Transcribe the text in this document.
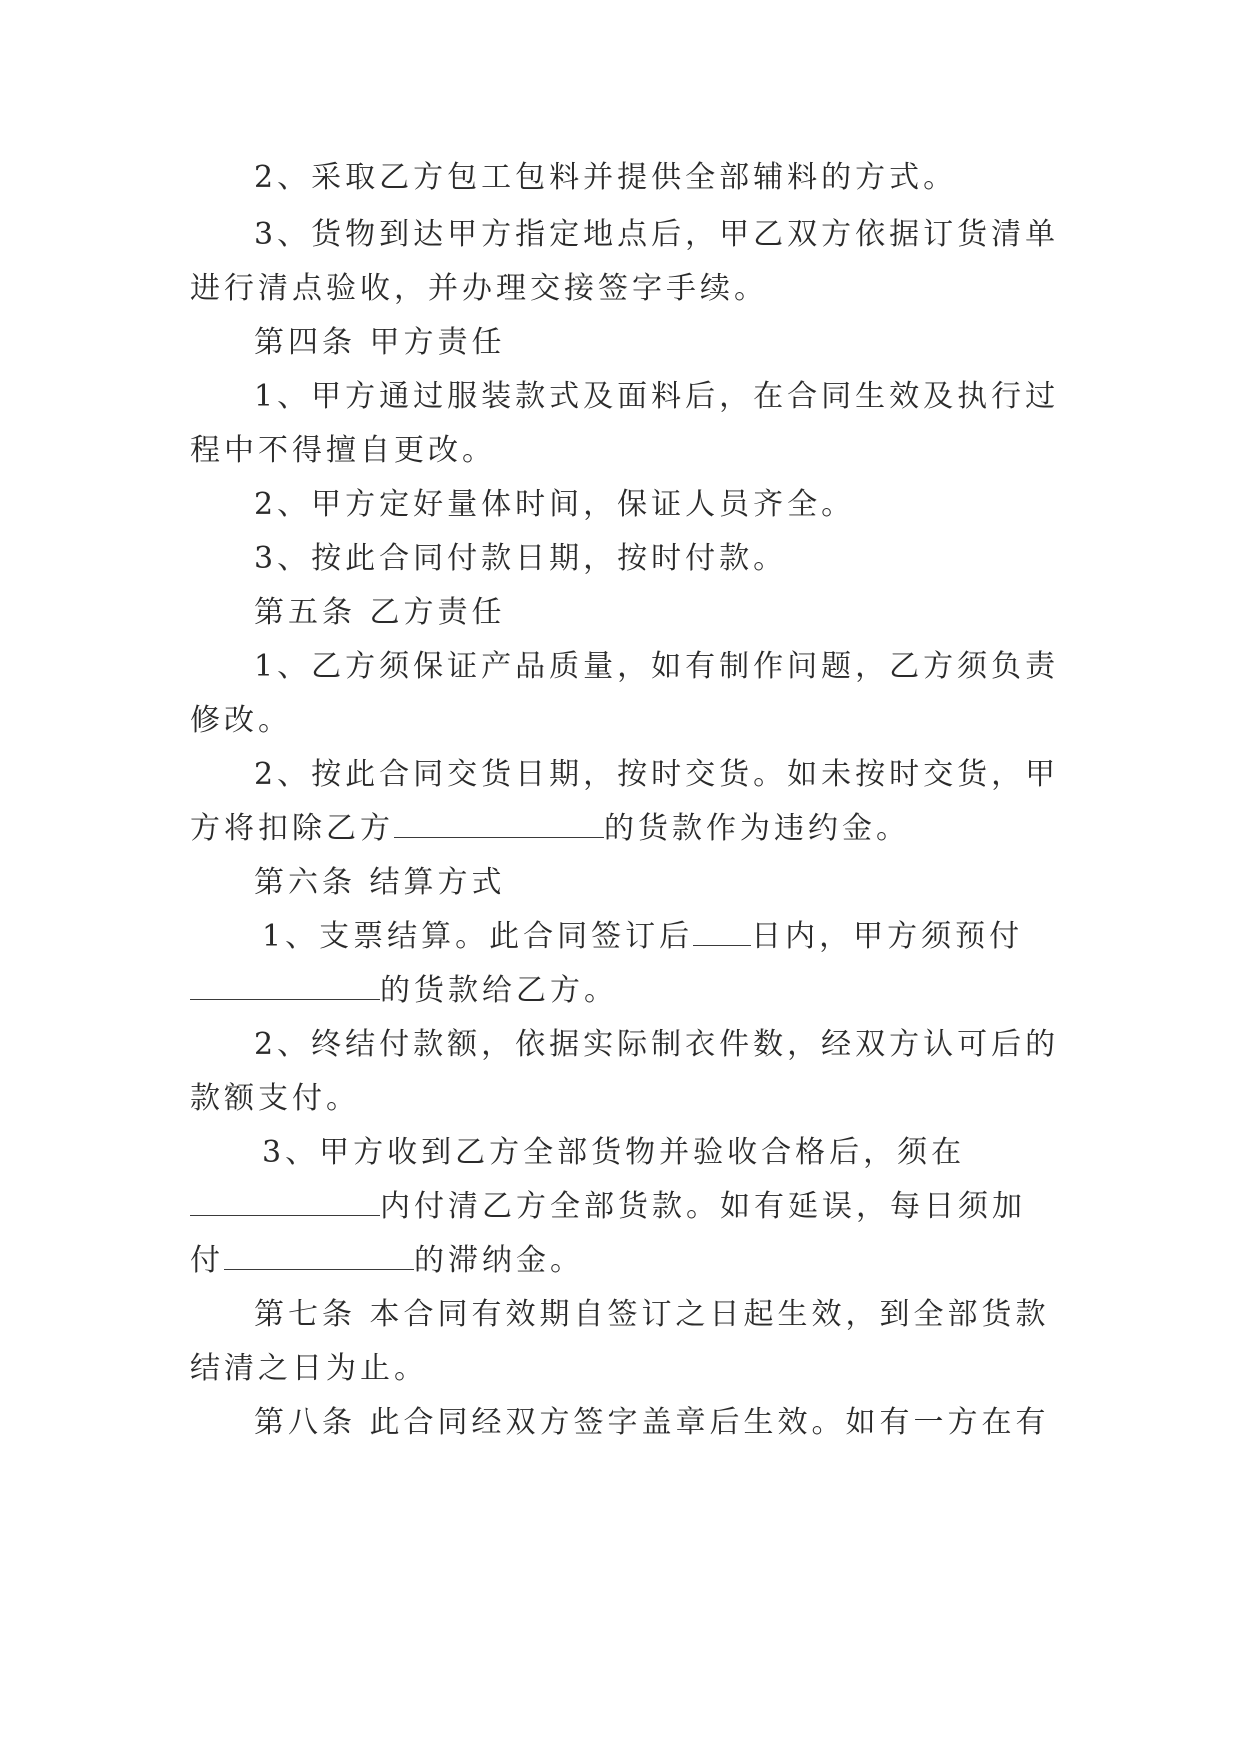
2、采取乙方包工包料并提供全部辅料的方式。
3、货物到达甲方指定地点后，甲乙双方依据订货清单
进行清点验收，并办理交接签字手续。
第四条 甲方责任
1、甲方通过服装款式及面料后，在合同生效及执行过
程中不得擅自更改。
2、甲方定好量体时间，保证人员齐全。
3、按此合同付款日期，按时付款。
第五条 乙方责任
1、乙方须保证产品质量，如有制作问题，乙方须负责
修改。
2、按此合同交货日期，按时交货。如未按时交货，甲
方将扣除乙方	的货款作为违约金。
第六条 结算方式
1、支票结算。此合同签订后 日内，甲方须预付
的货款给乙方。
2、终结付款额，依据实际制衣件数，经双方认可后的
款额支付。
3、甲方收到乙方全部货物并验收合格后，须在
内付清乙方全部货款。如有延误，每日须加
付	的滞纳金。
第七条 本合同有效期自签订之日起生效，到全部货款
结清之日为止。
第八条 此合同经双方签字盖章后生效。如有一方在有
